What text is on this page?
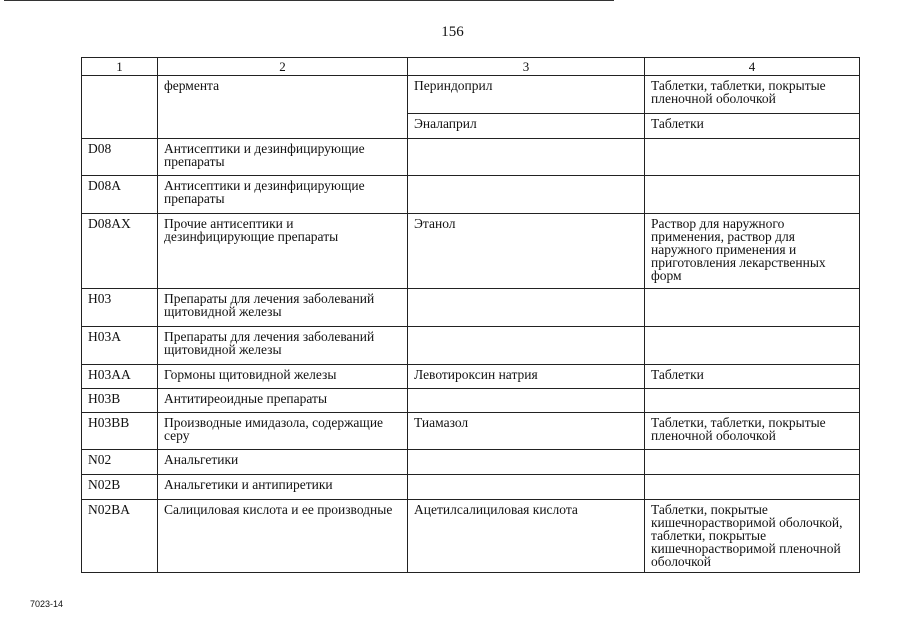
156
1	2	3	4
	фермента	Периндоприл	Таблетки, таблетки, покрытые пленочной оболочкой
		Эналаприл	Таблетки
D08	Антисептики и дезинфицирующие препараты		
D08A	Антисептики и дезинфицирующие препараты		
D08AX	Прочие антисептики и дезинфицирующие препараты	Этанол	Раствор для наружного применения, раствор для наружного применения и приготовления лекарственных форм
H03	Препараты для лечения заболеваний щитовидной железы		
H03A	Препараты для лечения заболеваний щитовидной железы		
H03AA	Гормоны щитовидной железы	Левотироксин натрия	Таблетки
H03B	Антитиреоидные препараты		
H03BB	Производные имидазола, содержащие серу	Тиамазол	Таблетки, таблетки, покрытые пленочной оболочкой
N02	Анальгетики		
N02B	Анальгетики и антипиретики		
N02BA	Салициловая кислота и ее производные	Ацетилсалициловая кислота	Таблетки, покрытые кишечнорастворимой оболочкой, таблетки, покрытые кишечнорастворимой пленочной оболочкой
7023-14
